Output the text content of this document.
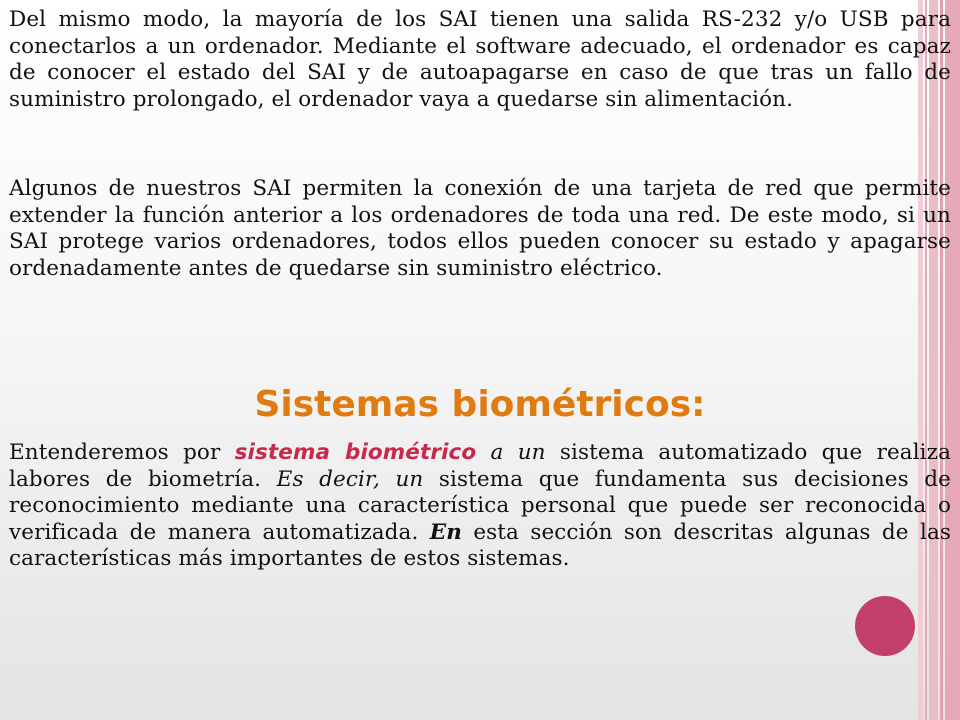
Del mismo modo, la mayoría de los SAI tienen una salida RS-232 y/o USB para conectarlos a un ordenador. Mediante el software adecuado, el ordenador es capaz de conocer el estado del SAI y de autoapagarse en caso de que tras un fallo de suministro prolongado, el ordenador vaya a quedarse sin alimentación.

Algunos de nuestros SAI permiten la conexión de una tarjeta de red que permite extender la función anterior a los ordenadores de toda una red. De este modo, si un SAI protege varios ordenadores, todos ellos pueden conocer su estado y apagarse ordenadamente antes de quedarse sin suministro eléctrico.

Sistemas biométricos:

Entenderemos por sistema biométrico a un sistema automatizado que realiza labores de biometría. Es decir, un sistema que fundamenta sus decisiones de reconocimiento mediante una característica personal que puede ser reconocida o verificada de manera automatizada. En esta sección son descritas algunas de las características más importantes de estos sistemas.
